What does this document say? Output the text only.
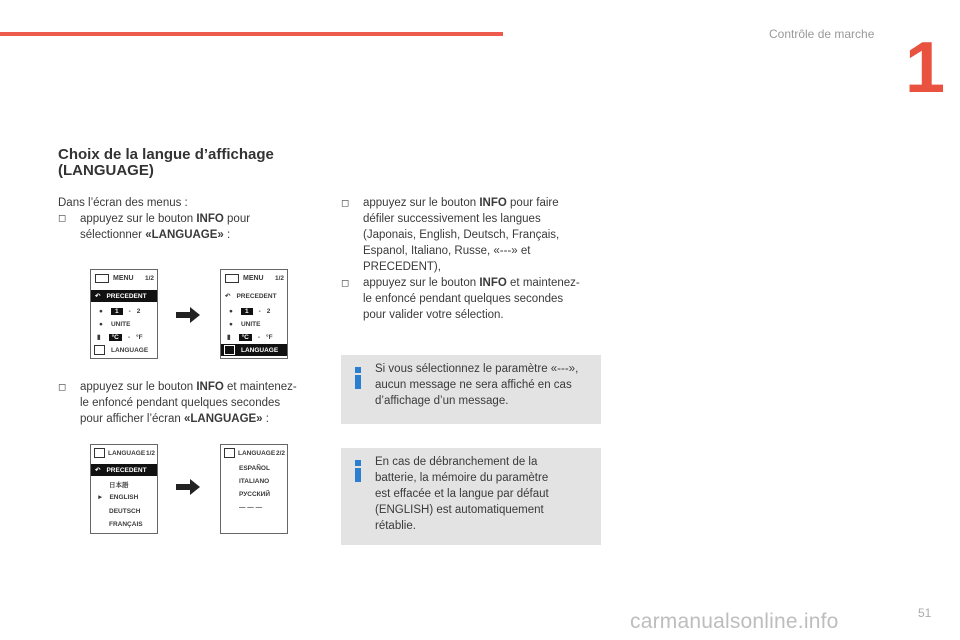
Contrôle de marche 1
Choix de la langue d’affichage
(LANGUAGE)
Dans l’écran des menus :
◻ appuyez sur le bouton INFO pour
sélectionner «LANGUAGE» :
MENU 1/2
↶ PRECEDENT
●	1	- 2
● UNITE
▮	°C	- °F
LANGUAGE
MENU 1/2
↶ PRECEDENT
●	1	- 2
● UNITE
▮	°C	- °F
LANGUAGE
◻ appuyez sur le bouton INFO et maintenez-
le enfoncé pendant quelques secondes
pour afficher l’écran «LANGUAGE» :
LANGUAGE 1/2
↶ PRECEDENT
日本語
► ENGLISH
DEUTSCH
FRANÇAIS
LANGUAGE 2/2
ESPAÑOL
ITALIANO
РУССКИЙ
— — —
◻ appuyez sur le bouton INFO pour faire
défiler successivement les langues
(Japonais, English, Deutsch, Français,
Espanol, Italiano, Russe, «---» et
PRECEDENT),
◻ appuyez sur le bouton INFO et maintenez-
le enfoncé pendant quelques secondes
pour valider votre sélection.
Si vous sélectionnez le paramètre «---»,
aucun message ne sera affiché en cas
d’affichage d’un message.
En cas de débranchement de la
batterie, la mémoire du paramètre
est effacée et la langue par défaut
(ENGLISH) est automatiquement
rétablie.
51
carmanualsonline.info
